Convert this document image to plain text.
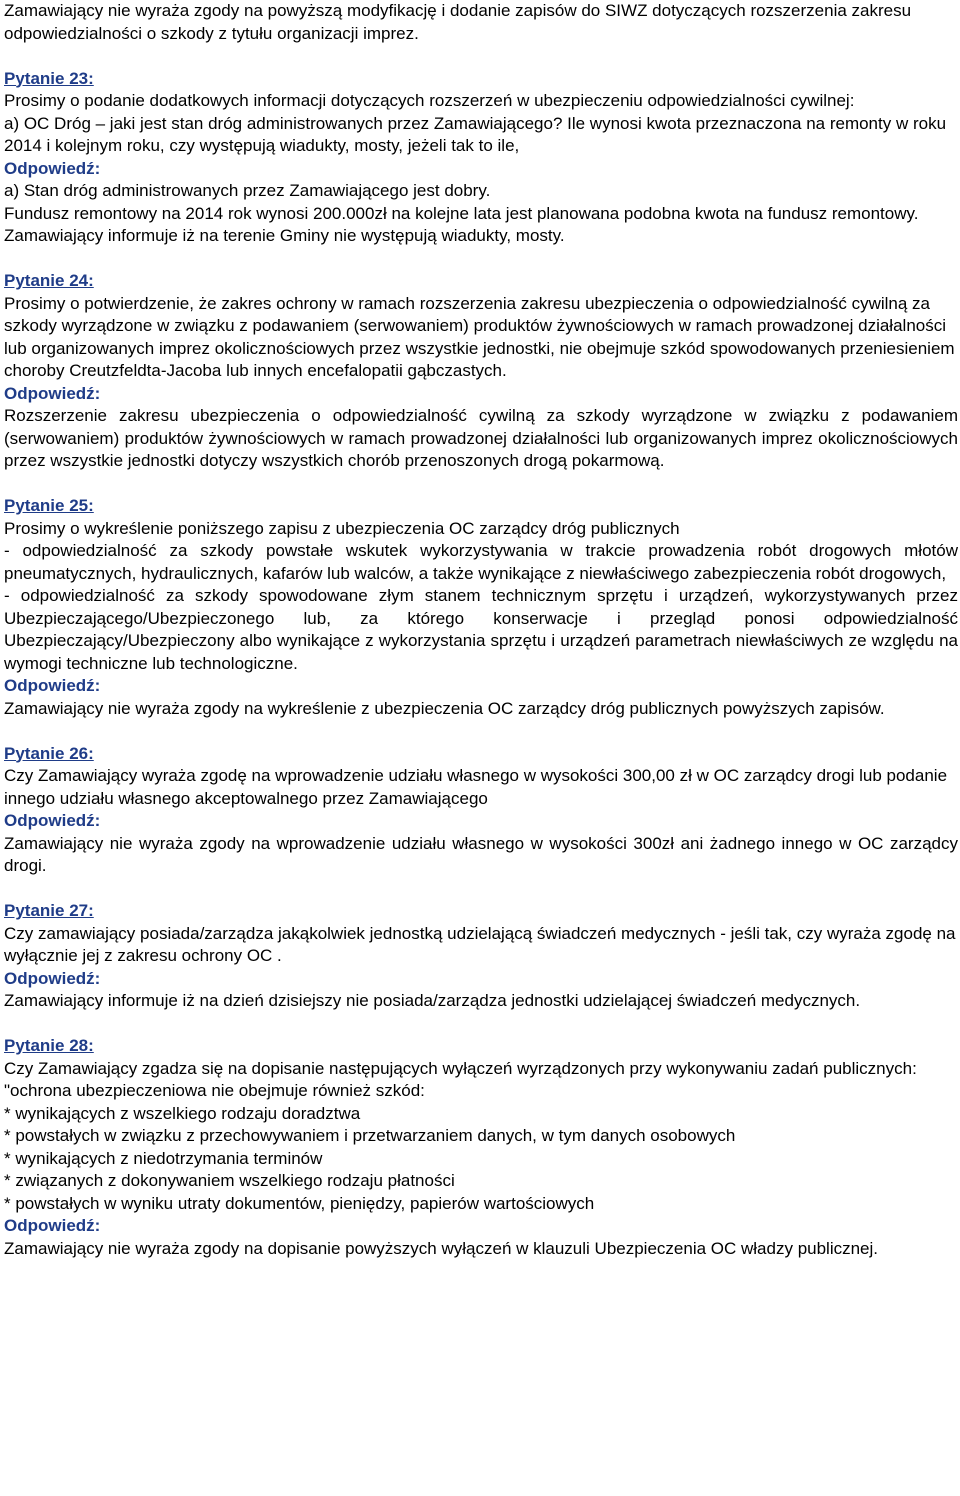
Zamawiający nie wyraża zgody na powyższą modyfikację i dodanie zapisów do SIWZ dotyczących rozszerzenia zakresu odpowiedzialności o szkody z tytułu organizacji imprez.

Pytanie 23:

Prosimy o podanie dodatkowych informacji dotyczących rozszerzeń w ubezpieczeniu odpowiedzialności cywilnej:

a) OC Dróg – jaki jest stan dróg administrowanych przez Zamawiającego? Ile wynosi kwota przeznaczona na remonty w roku 2014 i kolejnym roku, czy występują wiadukty, mosty, jeżeli tak to ile,

Odpowiedź:

a) Stan dróg administrowanych przez Zamawiającego jest dobry.

Fundusz remontowy na 2014 rok wynosi 200.000zł na kolejne lata jest planowana podobna kwota na fundusz remontowy.

Zamawiający informuje iż na terenie Gminy nie występują wiadukty, mosty.

Pytanie 24:

Prosimy o potwierdzenie, że zakres ochrony w ramach rozszerzenia zakresu ubezpieczenia o odpowiedzialność cywilną za szkody wyrządzone w związku z podawaniem (serwowaniem) produktów żywnościowych w ramach prowadzonej działalności lub organizowanych imprez okolicznościowych przez wszystkie jednostki, nie obejmuje szkód spowodowanych przeniesieniem choroby Creutzfeldta-Jacoba lub innych encefalopatii gąbczastych.

Odpowiedź:

Rozszerzenie zakresu ubezpieczenia o odpowiedzialność cywilną za szkody wyrządzone w związku z podawaniem (serwowaniem) produktów żywnościowych w ramach prowadzonej działalności lub organizowanych imprez okolicznościowych przez wszystkie jednostki dotyczy wszystkich chorób przenoszonych drogą pokarmową.

Pytanie 25:

Prosimy o wykreślenie poniższego zapisu z ubezpieczenia OC zarządcy dróg publicznych

- odpowiedzialność za szkody powstałe wskutek wykorzystywania w trakcie prowadzenia robót drogowych młotów pneumatycznych, hydraulicznych, kafarów lub walców, a także wynikające z niewłaściwego zabezpieczenia robót drogowych,

- odpowiedzialność za szkody spowodowane złym stanem technicznym sprzętu i urządzeń, wykorzystywanych przez Ubezpieczającego/Ubezpieczonego lub, za którego konserwacje i przegląd ponosi odpowiedzialność Ubezpieczający/Ubezpieczony albo wynikające z wykorzystania sprzętu i urządzeń parametrach niewłaściwych ze względu na wymogi techniczne lub technologiczne.

Odpowiedź:

Zamawiający nie wyraża zgody na wykreślenie z ubezpieczenia OC zarządcy dróg publicznych powyższych zapisów.

Pytanie 26:

Czy Zamawiający wyraża zgodę na wprowadzenie udziału własnego w wysokości 300,00 zł w OC zarządcy drogi lub podanie innego udziału własnego akceptowalnego przez Zamawiającego

Odpowiedź:

Zamawiający nie wyraża zgody na wprowadzenie udziału własnego w wysokości 300zł ani żadnego innego w OC zarządcy drogi.

Pytanie 27:

Czy zamawiający posiada/zarządza jakąkolwiek jednostką udzielającą świadczeń medycznych - jeśli tak, czy wyraża zgodę na wyłącznie jej z zakresu ochrony OC .

Odpowiedź:

Zamawiający informuje iż na dzień dzisiejszy nie posiada/zarządza jednostki udzielającej świadczeń medycznych.

Pytanie 28:

Czy Zamawiający zgadza się na dopisanie następujących wyłączeń wyrządzonych przy wykonywaniu zadań publicznych:

"ochrona ubezpieczeniowa nie obejmuje również szkód:

* wynikających z wszelkiego rodzaju doradztwa

* powstałych w związku z przechowywaniem i przetwarzaniem danych, w tym danych osobowych

* wynikających z niedotrzymania terminów

* związanych z dokonywaniem wszelkiego rodzaju płatności

* powstałych w wyniku utraty dokumentów, pieniędzy, papierów wartościowych

Odpowiedź:

Zamawiający nie wyraża zgody na dopisanie powyższych wyłączeń w klauzuli Ubezpieczenia OC władzy publicznej.
